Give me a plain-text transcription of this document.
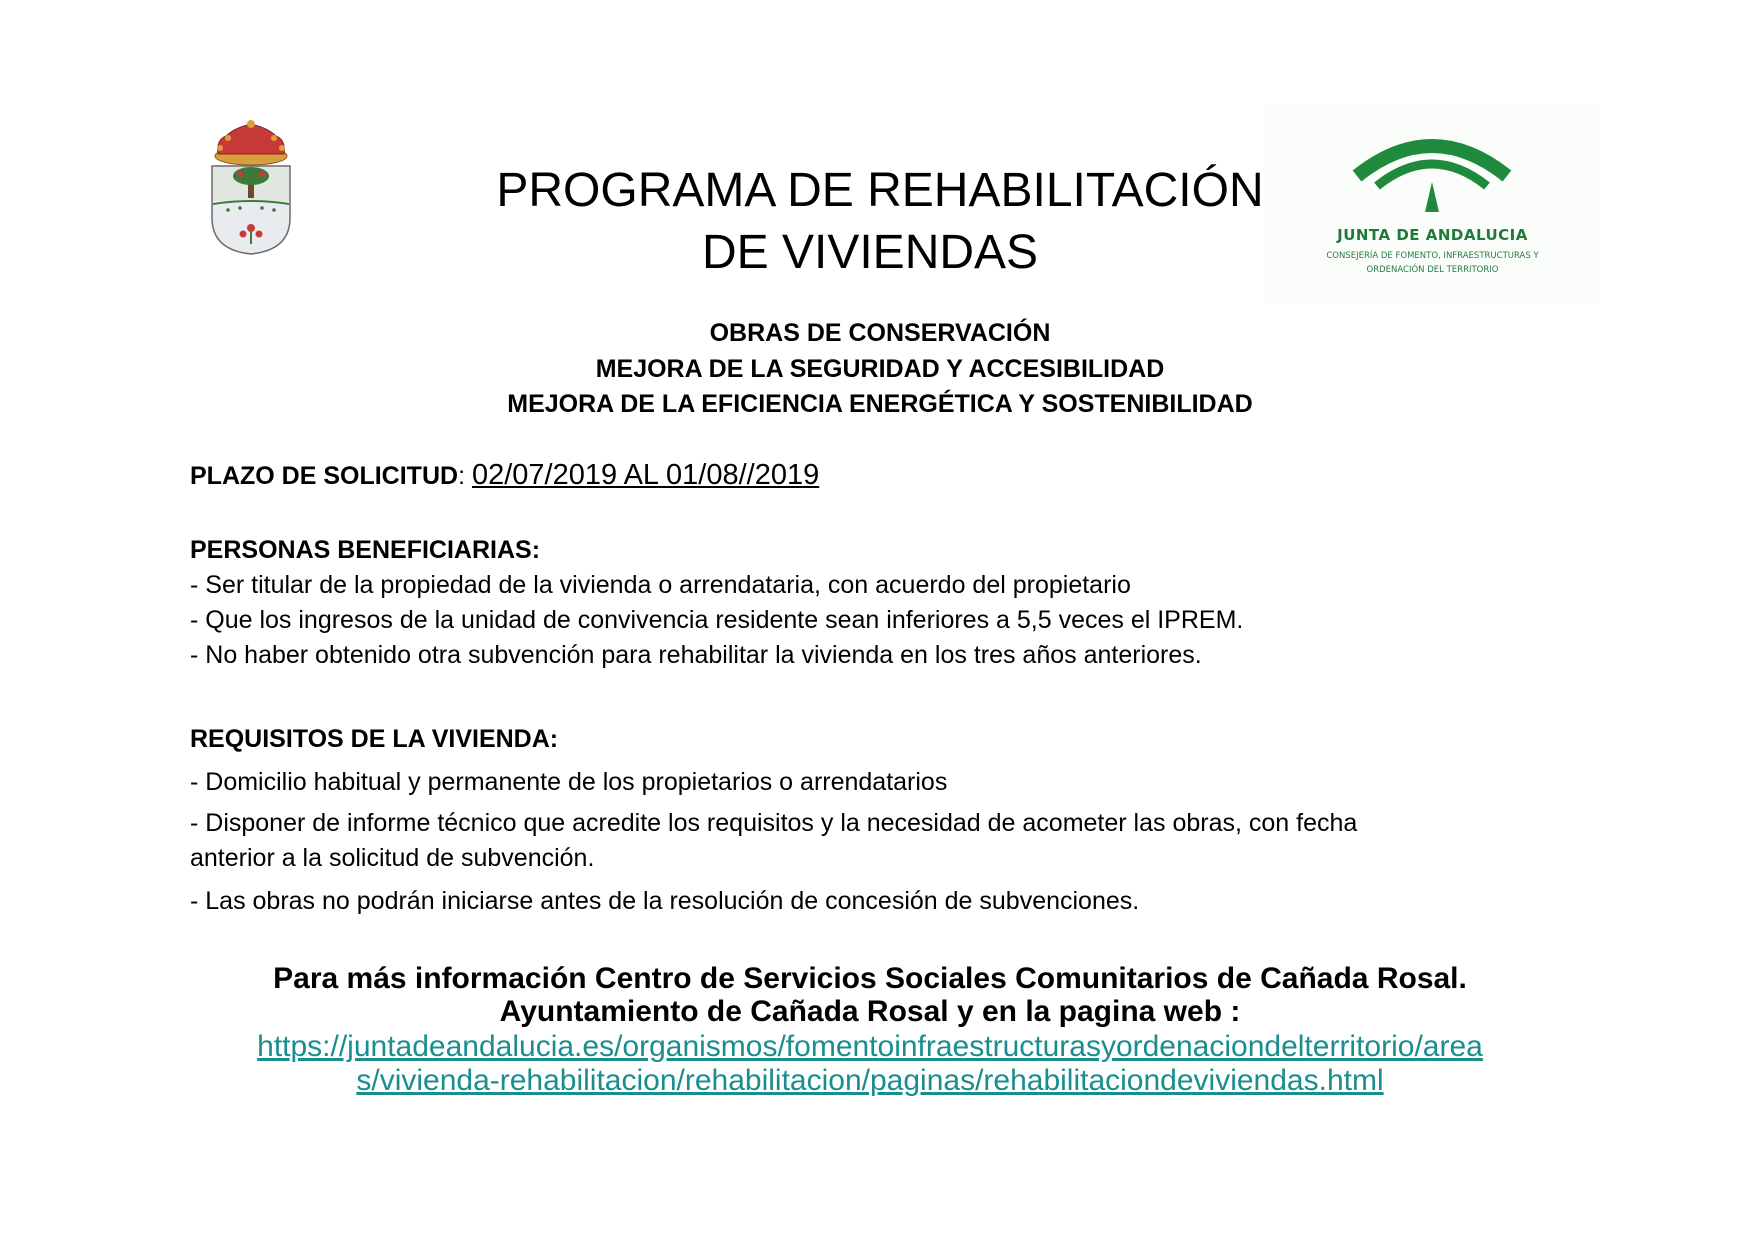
PROGRAMA DE REHABILITACIÓN
DE VIVIENDAS	JUNTA DE ANDALUCIA
CONSEJERÍA DE FOMENTO, INFRAESTRUCTURAS Y
ORDENACIÓN DEL TERRITORIO
OBRAS DE CONSERVACIÓN
MEJORA DE LA SEGURIDAD Y ACCESIBILIDAD
MEJORA DE LA EFICIENCIA ENERGÉTICA Y SOSTENIBILIDAD
PLAZO DE SOLICITUD: 02/07/2019 AL 01/08//2019
PERSONAS BENEFICIARIAS:
- Ser titular de la propiedad de la vivienda o arrendataria, con acuerdo del propietario
- Que los ingresos de la unidad de convivencia residente sean inferiores a 5,5 veces el IPREM.
- No haber obtenido otra subvención para rehabilitar la vivienda en los tres años anteriores.
REQUISITOS DE LA VIVIENDA:
- Domicilio habitual y permanente de los propietarios o arrendatarios
- Disponer de informe técnico que acredite los requisitos y la necesidad de acometer las obras, con fecha
anterior a la solicitud de subvención.
- Las obras no podrán iniciarse antes de la resolución de concesión de subvenciones.
Para más información Centro de Servicios Sociales Comunitarios de Cañada Rosal.
Ayuntamiento de Cañada Rosal y en la pagina web :
https://juntadeandalucia.es/organismos/fomentoinfraestructurasyordenaciondelterritorio/area
s/vivienda-rehabilitacion/rehabilitacion/paginas/rehabilitaciondeviviendas.html
